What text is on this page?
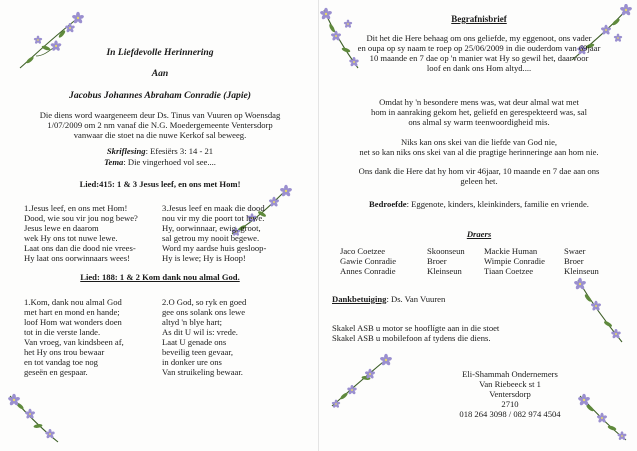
In Liefdevolle Herinnering
Aan
Jacobus Johannes Abraham Conradie (Japie)
Die diens word waargeneem deur Ds. Tinus van Vuuren op Woensdag
1/07/2009 om 2 nm vanaf die N.G. Moedergemeente Ventersdorp
vanwaar die stoet na die nuwe Kerkof sal beweeg.
Skriflesing: Efesiërs 3: 14 - 21
Tema: Die vingerhoed vol see....
Lied:415: 1 & 3 Jesus leef, en ons met Hom!
1.Jesus leef, en ons met Hom!
Dood, wie sou vir jou nog bewe?
Jesus lewe en daarom
wek Hy ons tot nuwe lewe.
Laat ons dan die dood nie vrees-
Hy laat ons oorwinnaars wees!
3.Jesus leef en maak die dood
nou vir my die poort tot lewe.
Hy, oorwinnaar, ewig, groot,
sal getrou my nooit begewe.
Word my aardse huis gesloop-
Hy is lewe; Hy is Hoop!
Lied: 188: 1 & 2 Kom dank nou almal God.
1.Kom, dank nou almal God
met hart en mond en hande;
loof Hom wat wonders doen
tot in die verste lande.
Van vroeg, van kindsbeen af,
het Hy ons trou bewaar
en tot vandag toe nog
geseën en gespaar.
2.O God, so ryk en goed
gee ons solank ons lewe
altyd 'n blye hart;
As dit U wil is: vrede.
Laat U genade ons
beveilig teen gevaar,
in donker ure ons
Van struikeling bewaar.
Begrafnisbrief
Dit het die Here behaag om ons geliefde, my eggenoot, ons vader
en oupa op sy naam te roep op 25/06/2009 in die ouderdom van 69jaar
10 maande en 7 dae op 'n manier wat Hy so gewil het, daarvoor
loof en dank ons Hom altyd....
Omdat hy 'n besondere mens was, wat deur almal wat met
hom in aanraking gekom het, geliefd en gerespekteerd was, sal
ons almal sy warm teenwoordigheid mis.
Niks kan ons skei van die liefde van God nie,
net so kan niks ons skei van al die pragtige herinneringe aan hom nie.
Ons dank die Here dat hy hom vir 46jaar, 10 maande en 7 dae aan ons
geleen het.
Bedroefde: Eggenote, kinders, kleinkinders, familie en vriende.
Draers
Jaco Coetzee	Skoonseun
Gawie Conradie	Broer
Annes Conradie	Kleinseun
Mackie Human	Swaer
Wimpie Conradie Broer
Tiaan Coetzee	Kleinseun
Dankbetuiging: Ds. Van Vuuren
Skakel ASB u motor se hooflígte aan in die stoet
Skakel ASB u mobilefoon af tydens die diens.
Eli-Shammah Ondernemers
Van Riebeeck st 1
Ventersdorp
2710
018 264 3098 / 082 974 4504
